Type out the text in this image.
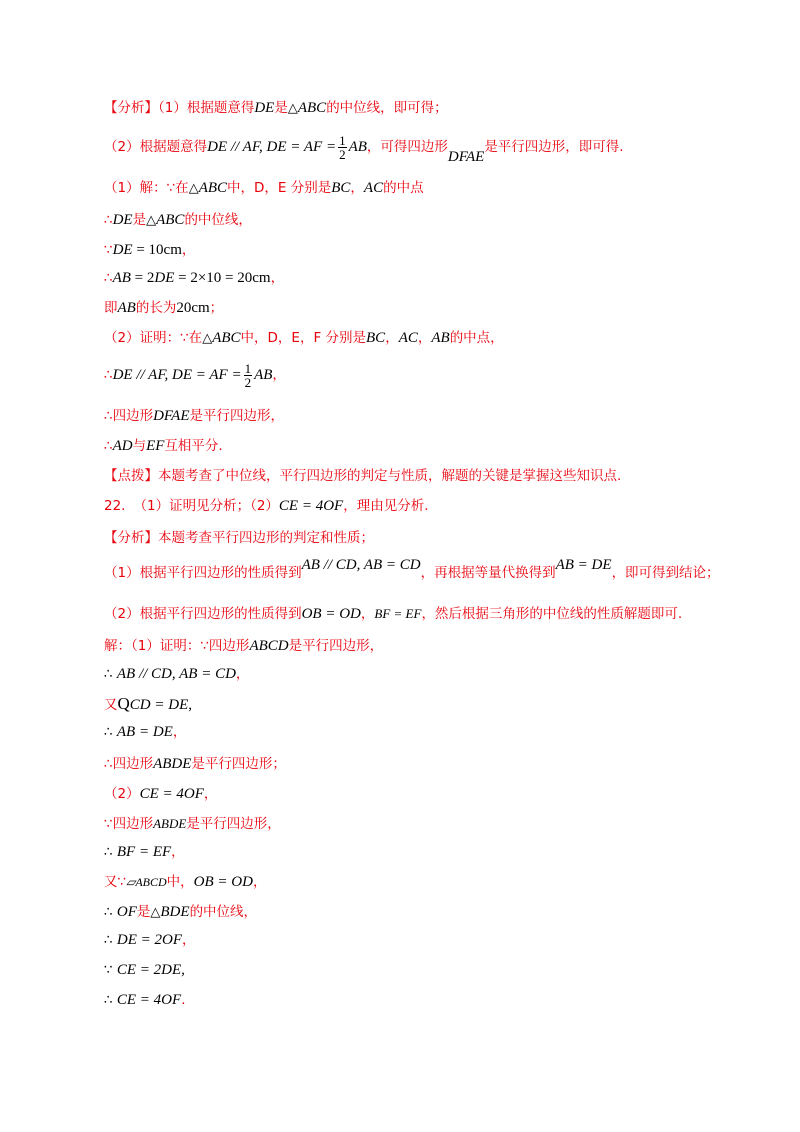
【分析】（1）根据题意得DE是△ABC的中位线，即可得；
（2）根据题意得DE // AF, DE = AF = $\frac{1}{2}$ AB，可得四边形DFAE是平行四边形，即可得.
（1）解：∵在△ABC中，D，E 分别是BC，AC的中点
∴DE是△ABC的中位线，
∵DE = 10cm，
∴AB = 2DE = 2×10 = 20cm，
即AB的长为20cm；
（2）证明：∵在△ABC中，D，E，F 分别是BC，AC，AB的中点，
∴DE // AF, DE = AF = $\frac{1}{2}$ AB，
∴四边形DFAE是平行四边形，
∴AD与EF互相平分.
【点拨】本题考查了中位线，平行四边形的判定与性质，解题的关键是掌握这些知识点.
22. （1）证明见分析；（2）CE = 4OF，理由见分析.
【分析】本题考查平行四边形的判定和性质；
（1）根据平行四边形的性质得到AB // CD, AB = CD，再根据等量代换得到AB = DE，即可得到结论；
（2）根据平行四边形的性质得到OB = OD，BF = EF，然后根据三角形的中位线的性质解题即可.
解：（1）证明：∵四边形ABCD是平行四边形，
∴ AB // CD, AB = CD，
又QCD = DE,
∴ AB = DE，
∴四边形ABDE是平行四边形；
（2）CE = 4OF，
∵四边形ABDE是平行四边形，
∴ BF = EF，
又∵▱ABCD中，OB = OD，
∴ OF是△BDE的中位线，
∴ DE = 2OF，
∵ CE = 2DE,
∴ CE = 4OF.
